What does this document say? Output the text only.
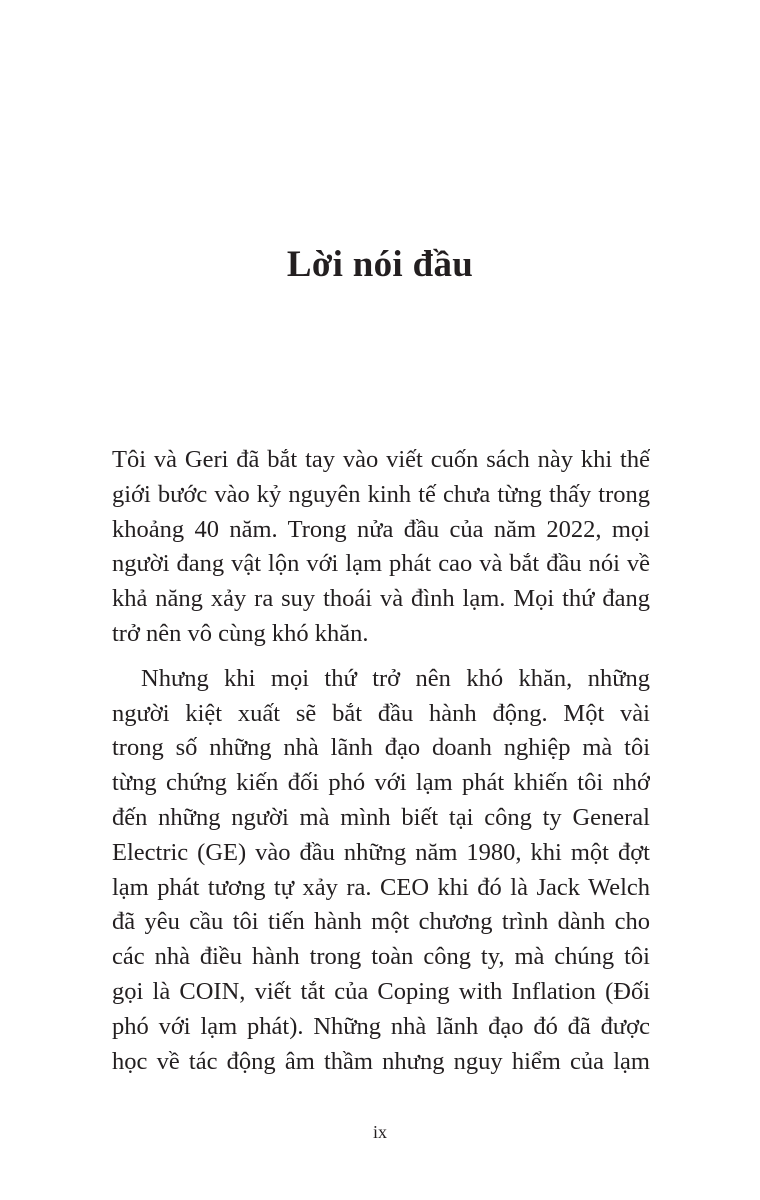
Lời nói đầu

Tôi và Geri đã bắt tay vào viết cuốn sách này khi thế
giới bước vào kỷ nguyên kinh tế chưa từng thấy trong
khoảng 40 năm. Trong nửa đầu của năm 2022, mọi
người đang vật lộn với lạm phát cao và bắt đầu nói về
khả năng xảy ra suy thoái và đình lạm. Mọi thứ đang
trở nên vô cùng khó khăn.

Nhưng khi mọi thứ trở nên khó khăn, những
người kiệt xuất sẽ bắt đầu hành động. Một vài
trong số những nhà lãnh đạo doanh nghiệp mà tôi
từng chứng kiến đối phó với lạm phát khiến tôi nhớ
đến những người mà mình biết tại công ty General
Electric (GE) vào đầu những năm 1980, khi một đợt
lạm phát tương tự xảy ra. CEO khi đó là Jack Welch
đã yêu cầu tôi tiến hành một chương trình dành cho
các nhà điều hành trong toàn công ty, mà chúng tôi
gọi là COIN, viết tắt của Coping with Inflation (Đối
phó với lạm phát). Những nhà lãnh đạo đó đã được
học về tác động âm thầm nhưng nguy hiểm của lạm

ix
